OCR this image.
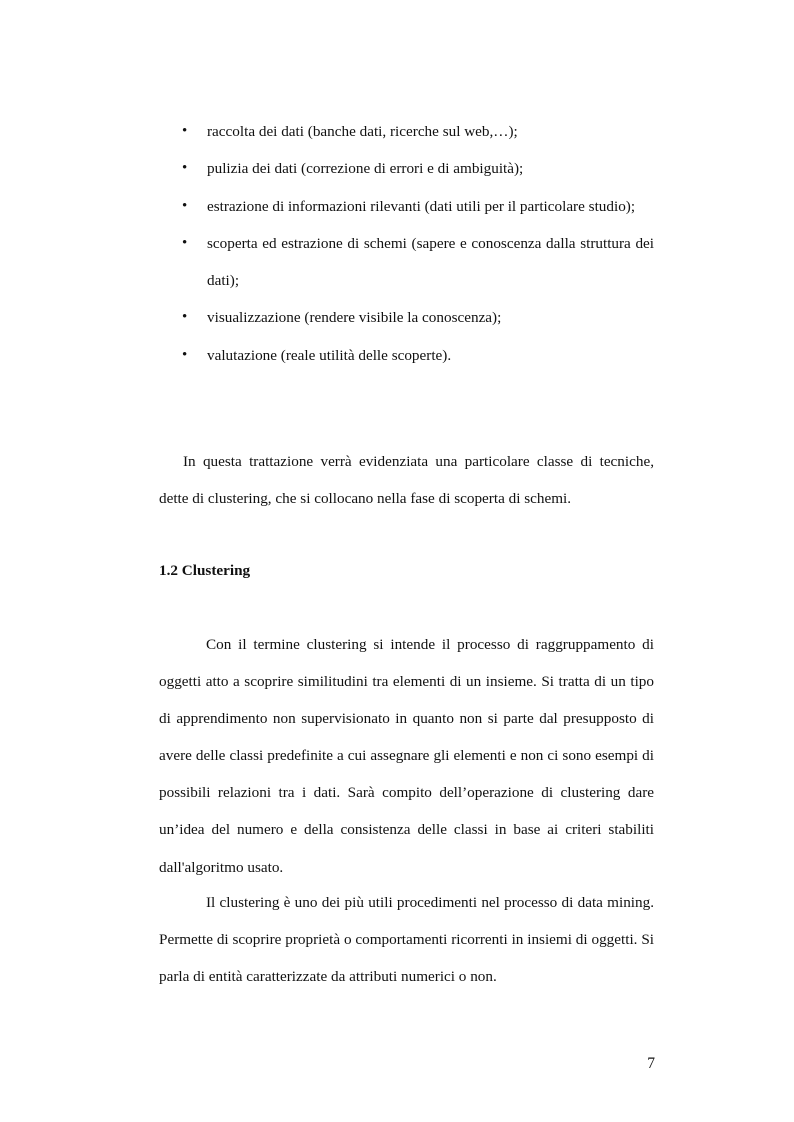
•	raccolta dei dati (banche dati, ricerche sul web,…);
•	pulizia dei dati (correzione di errori e di ambiguità);
•	estrazione di informazioni rilevanti (dati utili per il particolare studio);
•	scoperta ed estrazione di schemi (sapere e conoscenza dalla struttura dei dati);
•	visualizzazione (rendere visibile la conoscenza);
•	valutazione (reale utilità delle scoperte).

In questa trattazione verrà evidenziata una particolare classe di tecniche, dette di clustering, che si collocano nella fase di scoperta di schemi.

1.2 Clustering

Con il termine clustering si intende il processo di raggruppamento di oggetti atto a scoprire similitudini tra elementi di un insieme. Si tratta di un tipo di apprendimento non supervisionato in quanto non si parte dal presupposto di avere delle classi predefinite a cui assegnare gli elementi e non ci sono esempi di possibili relazioni tra i dati. Sarà compito dell’operazione di clustering dare un’idea del numero e della consistenza delle classi in base ai criteri stabiliti dall'algoritmo usato.

Il clustering è uno dei più utili procedimenti nel processo di data mining. Permette di scoprire proprietà o comportamenti ricorrenti in insiemi di oggetti. Si parla di entità caratterizzate da attributi numerici o non.

7
